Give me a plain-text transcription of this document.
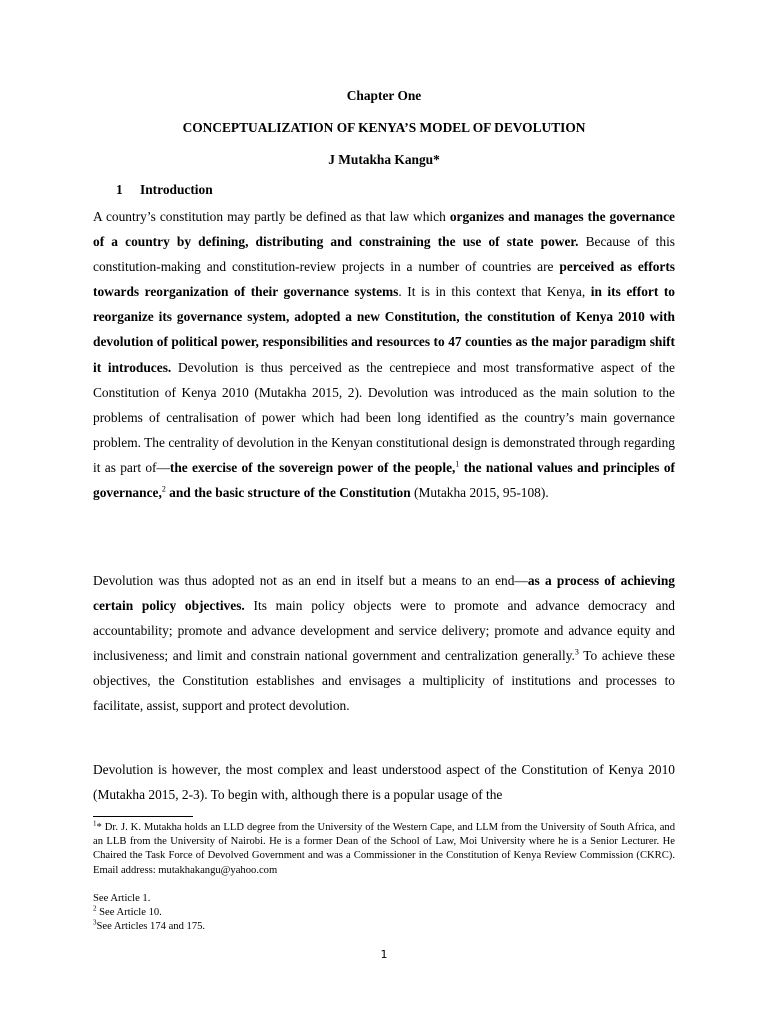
Chapter One
CONCEPTUALIZATION OF KENYA’S MODEL OF DEVOLUTION
J Mutakha Kangu*
1 Introduction

A country’s constitution may partly be defined as that law which organizes and manages the governance of a country by defining, distributing and constraining the use of state power. Because of this constitution-making and constitution-review projects in a number of countries are perceived as efforts towards reorganization of their governance systems. It is in this context that Kenya, in its effort to reorganize its governance system, adopted a new Constitution, the constitution of Kenya 2010 with devolution of political power, responsibilities and resources to 47 counties as the major paradigm shift it introduces. Devolution is thus perceived as the centrepiece and most transformative aspect of the Constitution of Kenya 2010 (Mutakha 2015, 2). Devolution was introduced as the main solution to the problems of centralisation of power which had been long identified as the country’s main governance problem. The centrality of devolution in the Kenyan constitutional design is demonstrated through regarding it as part of—the exercise of the sovereign power of the people,$^1$ the national values and principles of governance,$^2$ and the basic structure of the Constitution (Mutakha 2015, 95-108).

Devolution was thus adopted not as an end in itself but a means to an end—as a process of achieving certain policy objectives. Its main policy objects were to promote and advance democracy and accountability; promote and advance development and service delivery; promote and advance equity and inclusiveness; and limit and constrain national government and centralization generally.$^3$ To achieve these objectives, the Constitution establishes and envisages a multiplicity of institutions and processes to facilitate, assist, support and protect devolution.

Devolution is however, the most complex and least understood aspect of the Constitution of Kenya 2010 (Mutakha 2015, 2-3). To begin with, although there is a popular usage of the

$^1$* Dr. J. K. Mutakha holds an LLD degree from the University of the Western Cape, and LLM from the University of South Africa, and an LLB from the University of Nairobi. He is a former Dean of the School of Law, Moi University where he is a Senior Lecturer. He Chaired the Task Force of Devolved Government and was a Commissioner in the Constitution of Kenya Review Commission (CKRC). Email address: mutakhakangu@yahoo.com

See Article 1.

$^2$ See Article 10.

$^3$See Articles 174 and 175.

1
